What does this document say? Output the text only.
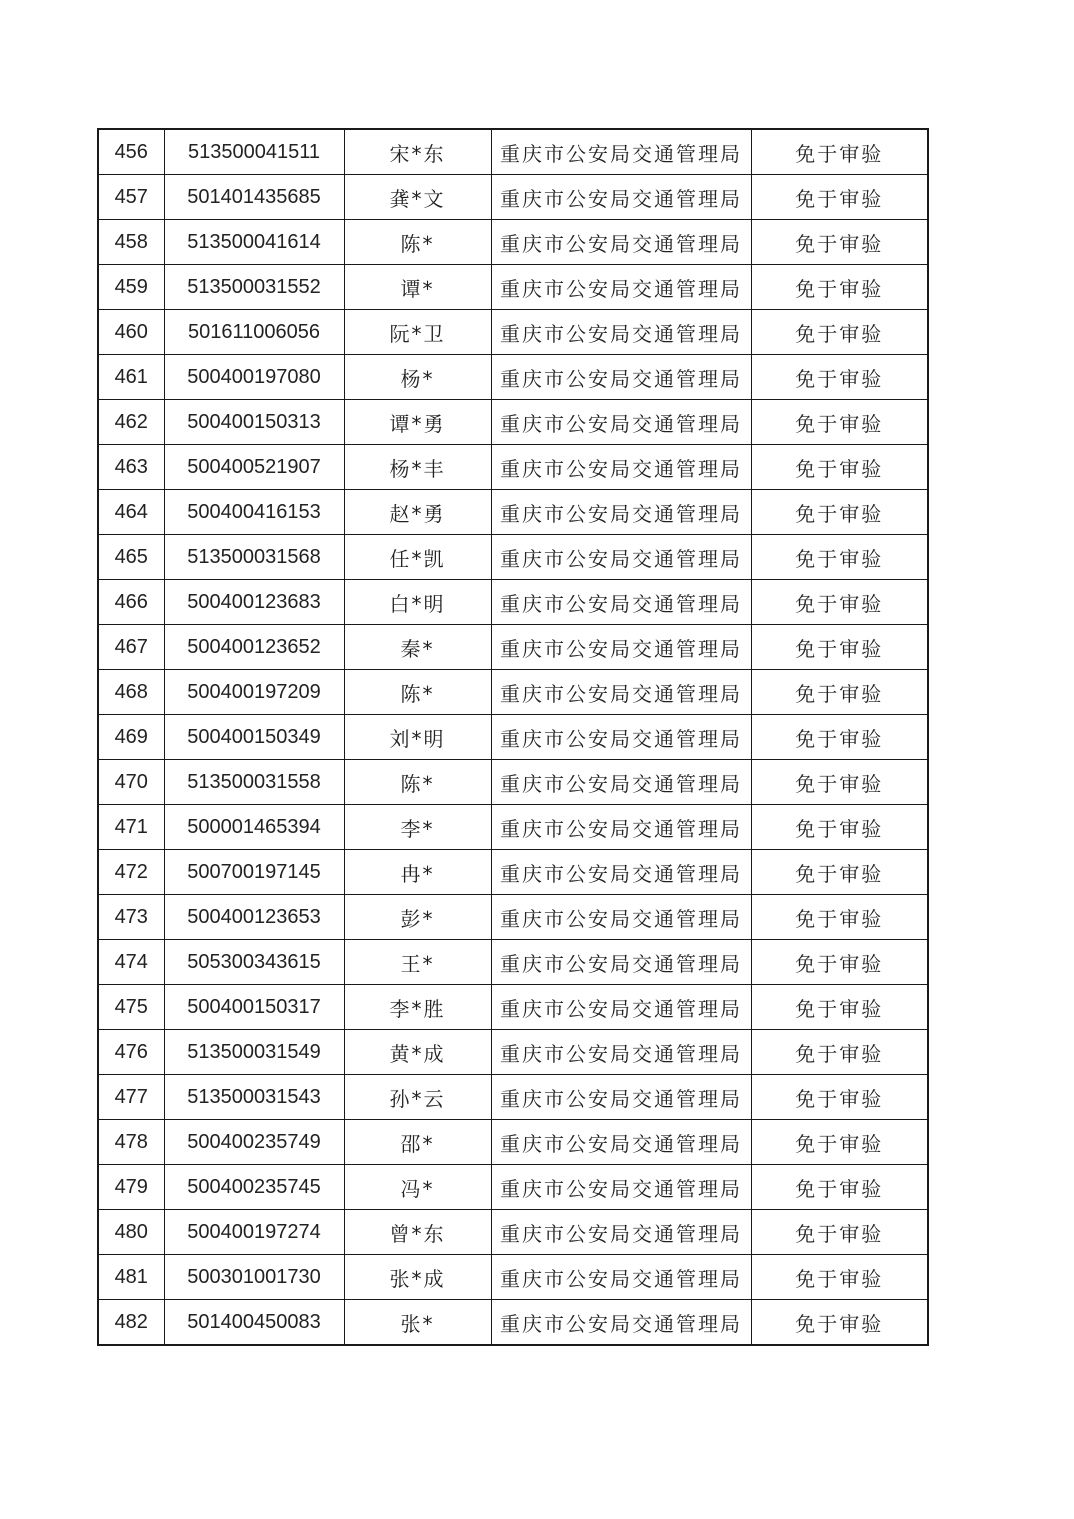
456	513500041511	宋*东	重庆市公安局交通管理局	免于审验
457	501401435685	龚*文	重庆市公安局交通管理局	免于审验
458	513500041614	陈*	重庆市公安局交通管理局	免于审验
459	513500031552	谭*	重庆市公安局交通管理局	免于审验
460	501611006056	阮*卫	重庆市公安局交通管理局	免于审验
461	500400197080	杨*	重庆市公安局交通管理局	免于审验
462	500400150313	谭*勇	重庆市公安局交通管理局	免于审验
463	500400521907	杨*丰	重庆市公安局交通管理局	免于审验
464	500400416153	赵*勇	重庆市公安局交通管理局	免于审验
465	513500031568	任*凯	重庆市公安局交通管理局	免于审验
466	500400123683	白*明	重庆市公安局交通管理局	免于审验
467	500400123652	秦*	重庆市公安局交通管理局	免于审验
468	500400197209	陈*	重庆市公安局交通管理局	免于审验
469	500400150349	刘*明	重庆市公安局交通管理局	免于审验
470	513500031558	陈*	重庆市公安局交通管理局	免于审验
471	500001465394	李*	重庆市公安局交通管理局	免于审验
472	500700197145	冉*	重庆市公安局交通管理局	免于审验
473	500400123653	彭*	重庆市公安局交通管理局	免于审验
474	505300343615	王*	重庆市公安局交通管理局	免于审验
475	500400150317	李*胜	重庆市公安局交通管理局	免于审验
476	513500031549	黄*成	重庆市公安局交通管理局	免于审验
477	513500031543	孙*云	重庆市公安局交通管理局	免于审验
478	500400235749	邵*	重庆市公安局交通管理局	免于审验
479	500400235745	冯*	重庆市公安局交通管理局	免于审验
480	500400197274	曾*东	重庆市公安局交通管理局	免于审验
481	500301001730	张*成	重庆市公安局交通管理局	免于审验
482	501400450083	张*	重庆市公安局交通管理局	免于审验
